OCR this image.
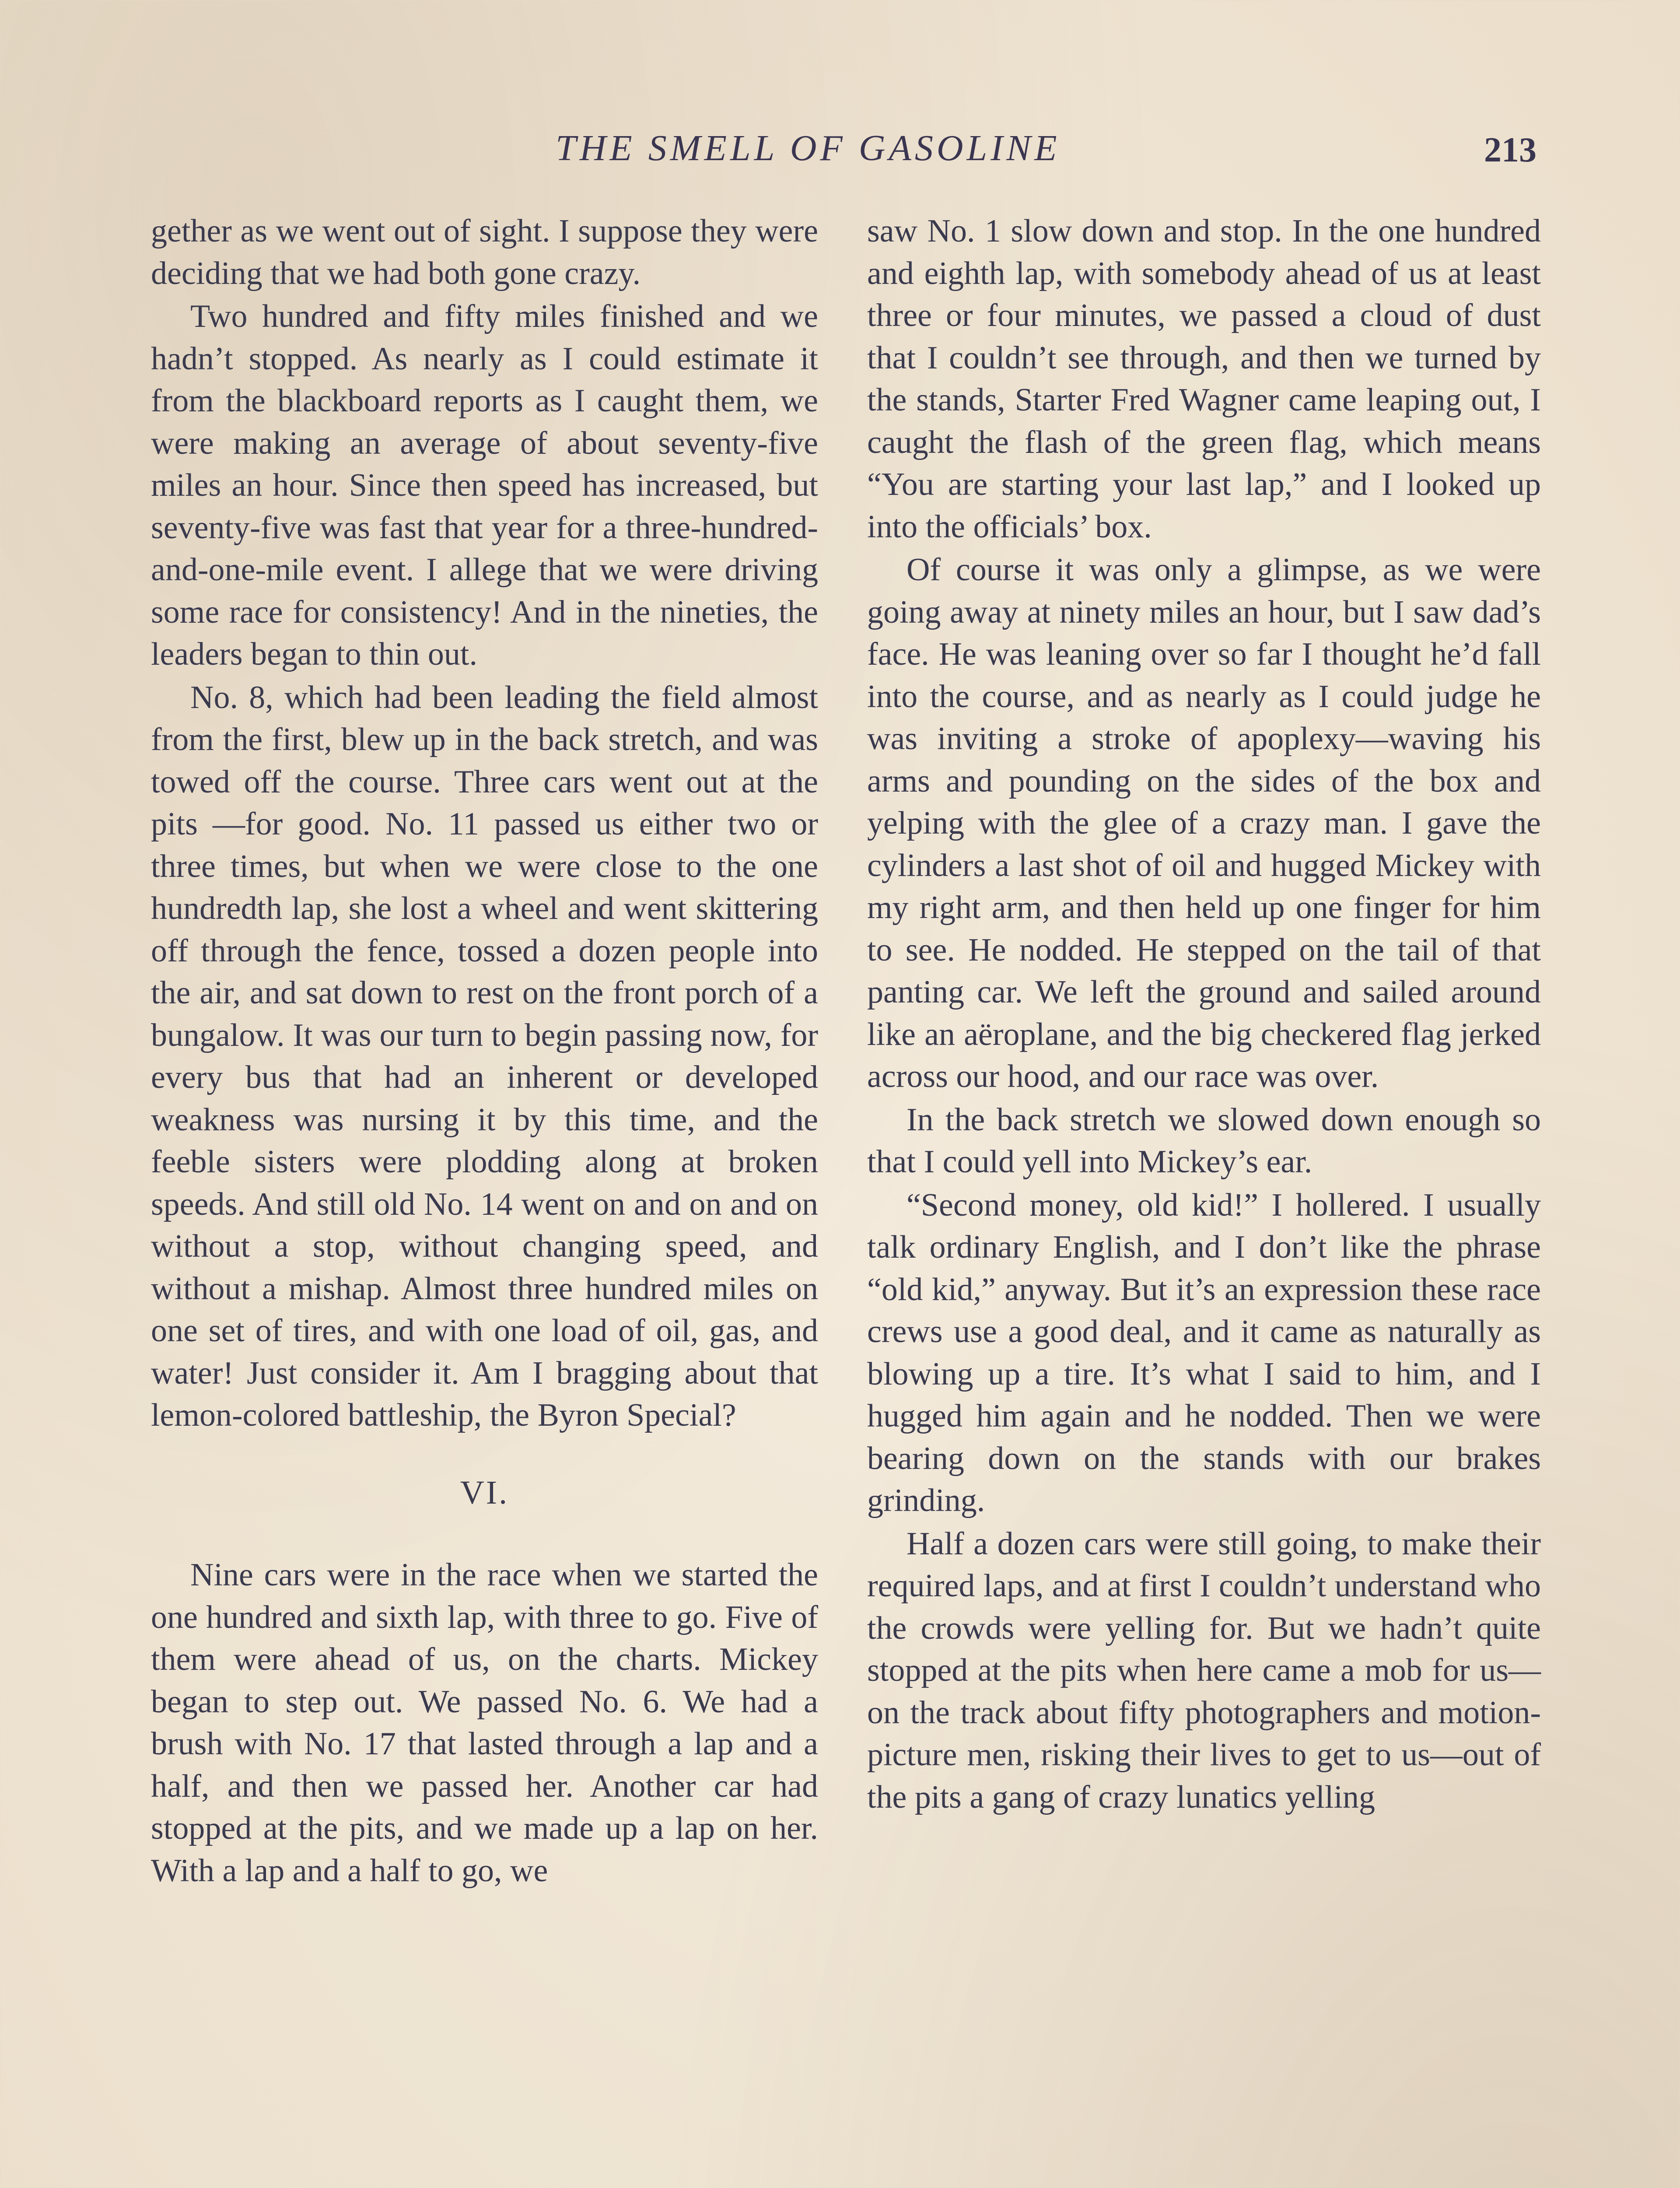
THE SMELL OF GASOLINE	213

gether as we went out of sight. I suppose they were deciding that we had both gone crazy.

Two hundred and fifty miles finished and we hadn’t stopped. As nearly as I could estimate it from the blackboard reports as I caught them, we were making an average of about seventy-five miles an hour. Since then speed has increased, but seventy-five was fast that year for a three-hundred-and-one-mile event. I allege that we were driving some race for consistency! And in the nineties, the leaders began to thin out.

No. 8, which had been leading the field almost from the first, blew up in the back stretch, and was towed off the course. Three cars went out at the pits —for good. No. 11 passed us either two or three times, but when we were close to the one hundredth lap, she lost a wheel and went skittering off through the fence, tossed a dozen people into the air, and sat down to rest on the front porch of a bungalow. It was our turn to begin passing now, for every bus that had an inherent or developed weakness was nursing it by this time, and the feeble sisters were plodding along at broken speeds. And still old No. 14 went on and on and on without a stop, without changing speed, and without a mishap. Almost three hundred miles on one set of tires, and with one load of oil, gas, and water! Just consider it. Am I bragging about that lemon-colored battleship, the Byron Special?

VI.

Nine cars were in the race when we started the one hundred and sixth lap, with three to go. Five of them were ahead of us, on the charts. Mickey began to step out. We passed No. 6. We had a brush with No. 17 that lasted through a lap and a half, and then we passed her. Another car had stopped at the pits, and we made up a lap on her. With a lap and a half to go, we

saw No. 1 slow down and stop. In the one hundred and eighth lap, with somebody ahead of us at least three or four minutes, we passed a cloud of dust that I couldn’t see through, and then we turned by the stands, Starter Fred Wagner came leaping out, I caught the flash of the green flag, which means “You are starting your last lap,” and I looked up into the officials’ box.

Of course it was only a glimpse, as we were going away at ninety miles an hour, but I saw dad’s face. He was leaning over so far I thought he’d fall into the course, and as nearly as I could judge he was inviting a stroke of apoplexy—waving his arms and pounding on the sides of the box and yelping with the glee of a crazy man. I gave the cylinders a last shot of oil and hugged Mickey with my right arm, and then held up one finger for him to see. He nodded. He stepped on the tail of that panting car. We left the ground and sailed around like an aëroplane, and the big checkered flag jerked across our hood, and our race was over.

In the back stretch we slowed down enough so that I could yell into Mickey’s ear.

“Second money, old kid!” I hollered. I usually talk ordinary English, and I don’t like the phrase “old kid,” anyway. But it’s an expression these race crews use a good deal, and it came as naturally as blowing up a tire. It’s what I said to him, and I hugged him again and he nodded. Then we were bearing down on the stands with our brakes grinding.

Half a dozen cars were still going, to make their required laps, and at first I couldn’t understand who the crowds were yelling for. But we hadn’t quite stopped at the pits when here came a mob for us—on the track about fifty photographers and motion-picture men, risking their lives to get to us—out of the pits a gang of crazy lunatics yelling
